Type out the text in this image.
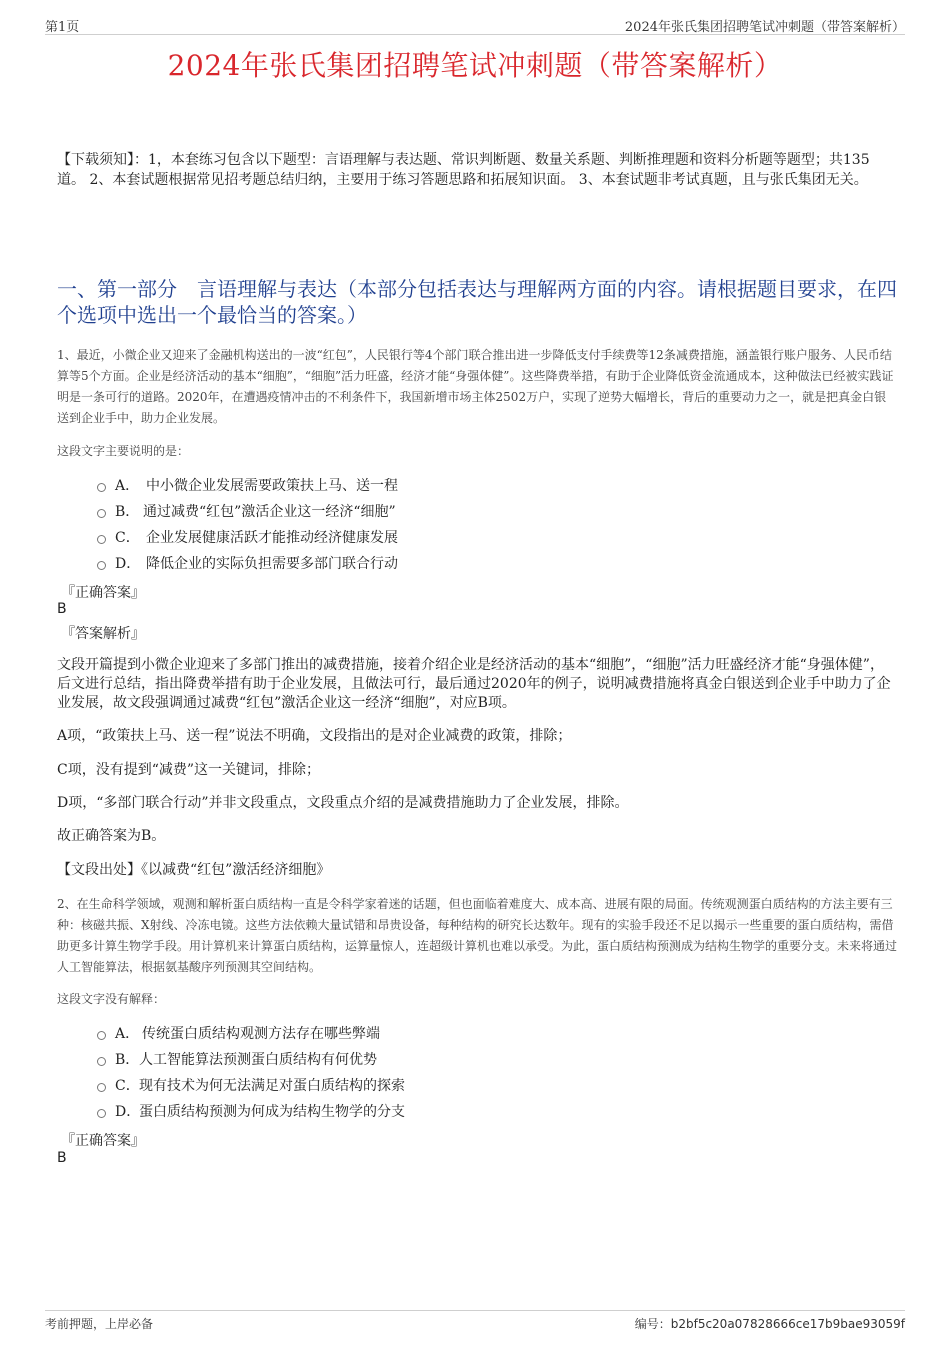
第1页	2024年张氏集团招聘笔试冲刺题（带答案解析）
2024年张氏集团招聘笔试冲刺题（带答案解析）
【下载须知】：1，本套练习包含以下题型：言语理解与表达题、常识判断题、数量关系题、判断推理题和资料分析题等题型；共135道。 2、本套试题根据常见招考题总结归纳，主要用于练习答题思路和拓展知识面。 3、本套试题非考试真题，且与张氏集团无关。
一、第一部分 言语理解与表达（本部分包括表达与理解两方面的内容。请根据题目要求，在四个选项中选出一个最恰当的答案。）
1、最近，小微企业又迎来了金融机构送出的一波“红包”，人民银行等4个部门联合推出进一步降低支付手续费等12条减费措施，涵盖银行账户服务、人民币结算等5个方面。企业是经济活动的基本“细胞”，“细胞”活力旺盛，经济才能“身强体健”。这些降费举措，有助于企业降低资金流通成本，这种做法已经被实践证明是一条可行的道路。2020年，在遭遇疫情冲击的不利条件下，我国新增市场主体2502万户，实现了逆势大幅增长，背后的重要动力之一，就是把真金白银送到企业手中，助力企业发展。
这段文字主要说明的是：
A． 中小微企业发展需要政策扶上马、送一程
B． 通过减费“红包”激活企业这一经济“细胞”
C． 企业发展健康活跃才能推动经济健康发展
D． 降低企业的实际负担需要多部门联合行动
『正确答案』
B
『答案解析』
文段开篇提到小微企业迎来了多部门推出的减费措施，接着介绍企业是经济活动的基本“细胞”，“细胞”活力旺盛经济才能“身强体健”，后文进行总结，指出降费举措有助于企业发展，且做法可行，最后通过2020年的例子，说明减费措施将真金白银送到企业手中助力了企业发展，故文段强调通过减费“红包”激活企业这一经济“细胞”，对应B项。
A项，“政策扶上马、送一程”说法不明确，文段指出的是对企业减费的政策，排除；
C项，没有提到“减费”这一关键词，排除；
D项，“多部门联合行动”并非文段重点，文段重点介绍的是减费措施助力了企业发展，排除。
故正确答案为B。
【文段出处】《以减费“红包”激活经济细胞》
2、在生命科学领域，观测和解析蛋白质结构一直是令科学家着迷的话题，但也面临着难度大、成本高、进展有限的局面。传统观测蛋白质结构的方法主要有三种：核磁共振、X射线、冷冻电镜。这些方法依赖大量试错和昂贵设备，每种结构的研究长达数年。现有的实验手段还不足以揭示一些重要的蛋白质结构，需借助更多计算生物学手段。用计算机来计算蛋白质结构，运算量惊人，连超级计算机也难以承受。为此，蛋白质结构预测成为结构生物学的重要分支。未来将通过人工智能算法，根据氨基酸序列预测其空间结构。
这段文字没有解释：
A． 传统蛋白质结构观测方法存在哪些弊端
B． 人工智能算法预测蛋白质结构有何优势
C． 现有技术为何无法满足对蛋白质结构的探索
D．
蛋白质结构预测为何成为结构生物学的分支
『正确答案』
B
考前押题，上岸必备	编号：b2bf5c20a07828666ce17b9bae93059f
